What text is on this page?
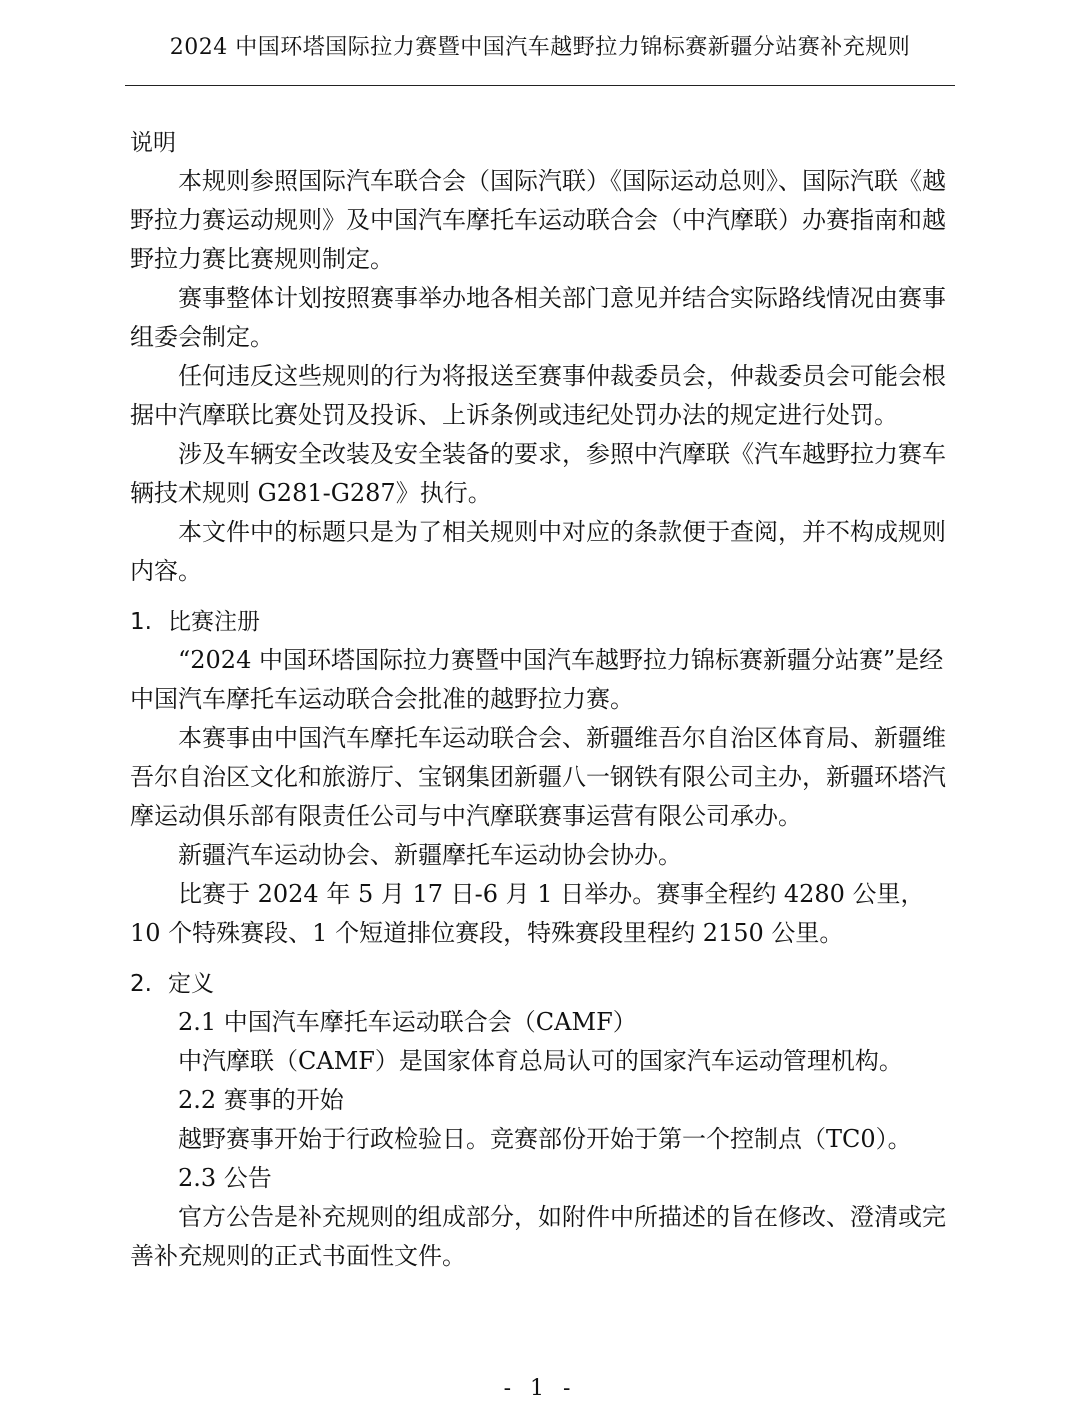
2024 中国环塔国际拉力赛暨中国汽车越野拉力锦标赛新疆分站赛补充规则
说明

本规则参照国际汽车联合会（国际汽联）《国际运动总则》、国际汽联《越野拉力赛运动规则》及中国汽车摩托车运动联合会（中汽摩联）办赛指南和越野拉力赛比赛规则制定。

赛事整体计划按照赛事举办地各相关部门意见并结合实际路线情况由赛事组委会制定。

任何违反这些规则的行为将报送至赛事仲裁委员会，仲裁委员会可能会根据中汽摩联比赛处罚及投诉、上诉条例或违纪处罚办法的规定进行处罚。

涉及车辆安全改装及安全装备的要求，参照中汽摩联《汽车越野拉力赛车辆技术规则 G281-G287》执行。

本文件中的标题只是为了相关规则中对应的条款便于查阅，并不构成规则内容。

1. 比赛注册

“2024 中国环塔国际拉力赛暨中国汽车越野拉力锦标赛新疆分站赛”是经中国汽车摩托车运动联合会批准的越野拉力赛。

本赛事由中国汽车摩托车运动联合会、新疆维吾尔自治区体育局、新疆维吾尔自治区文化和旅游厅、宝钢集团新疆八一钢铁有限公司主办，新疆环塔汽摩运动俱乐部有限责任公司与中汽摩联赛事运营有限公司承办。

新疆汽车运动协会、新疆摩托车运动协会协办。

比赛于 2024 年 5 月 17 日-6 月 1 日举办。赛事全程约 4280 公里，10 个特殊赛段、1 个短道排位赛段，特殊赛段里程约 2150 公里。

2. 定义

2.1 中国汽车摩托车运动联合会（CAMF）

中汽摩联（CAMF）是国家体育总局认可的国家汽车运动管理机构。

2.2 赛事的开始

越野赛事开始于行政检验日。竞赛部份开始于第一个控制点（TC0）。

2.3 公告

官方公告是补充规则的组成部分，如附件中所描述的旨在修改、澄清或完善补充规则的正式书面性文件。

- 1 -
